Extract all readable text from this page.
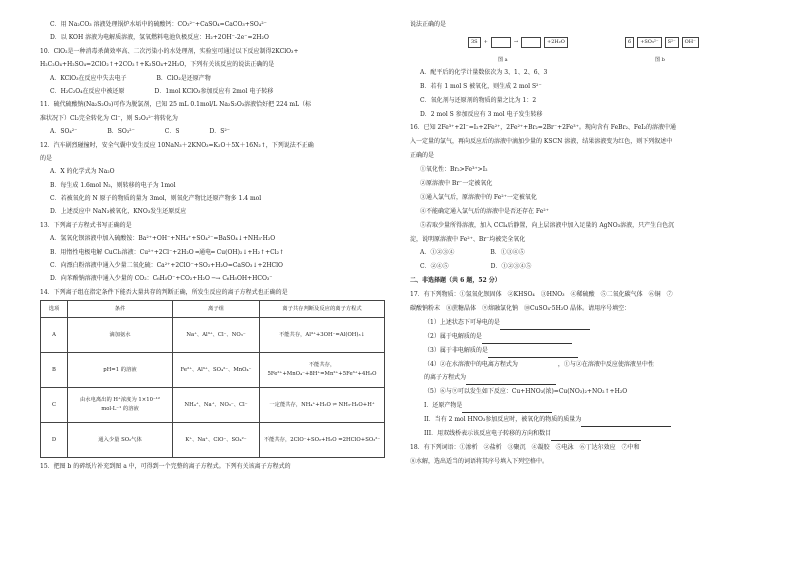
C．用 Na₂CO₃ 溶液处理锅炉水垢中的硫酸钙：CO₃²⁻+CaSO₄=CaCO₃+SO₄²⁻
D．以 KOH 溶液为电解质溶液，氢氧燃料电池负极反应：H₂+2OH⁻-2e⁻=2H₂O
10．ClO₂是一种消毒杀菌效率高、二次污染小的水处理剂，实验室可通过以下反应制得2KClO₃+
H₂C₂O₄+H₂SO₄=2ClO₂↑+2CO₂↑+K₂SO₄+2H₂O，下列有关该反应的说法正确的是
A．KClO₃在反应中失去电子　　　　　B．ClO₂是还原产物
C．H₂C₂O₄在反应中被还原　　　　　D．1mol KClO₃参加反应有 2mol 电子转移
11．硫代硫酸钠(Na₂S₂O₃)可作为脱氯剂，已知 25 mL 0.1mol/L Na₂S₂O₃溶液恰好把 224 mL（标
准状况下）Cl₂完全转化为 Cl⁻，则 S₂O₃²⁻将转化为
A．SO₄²⁻　　　　　B．SO₃²⁻　　　　　C．S　　　　　D．S²⁻
12．汽车剧烈碰撞时，安全气囊中发生反应 10NaN₃＋2KNO₃=K₂O＋5X＋16N₂↑，下列说法不正确
的是
A．X 的化学式为 Na₂O
B．每生成 1.6mol N₂，则转移的电子为 1mol
C．若被氧化的 N 原子的物质的量为 3mol，则氧化产物比还原产物多 1.4 mol
D．上述反应中 NaN₃被氧化，KNO₃发生还原反应
13．下列离子方程式书写正确的是
A．氢氧化钡溶液中加入硫酸铵：Ba²⁺+OH⁻+NH₄⁺+SO₄²⁻=BaSO₄↓+NH₃·H₂O
B．用惰性电极电解 CuCl₂溶液：Cu²⁺+2Cl⁻+2H₂O ═通电═ Cu(OH)₂↓+H₂↑+Cl₂↑
C．向漂白粉溶液中通入少量二氧化硫：Ca²⁺+2ClO⁻+SO₂+H₂O=CaSO₃↓+2HClO
D．向苯酚钠溶液中通入少量的 CO₂：C₆H₅O⁻+CO₂+H₂O ─→ C₆H₅OH+HCO₃⁻
14．下列离子组在指定条件下能否大量共存的判断正确，所发生反应的离子方程式也正确的是
选项	条件	离子组	离子共存判断及反应的离子方程式
A	滴加氨水	Na⁺、Al³⁺、Cl⁻、NO₃⁻	不能共存，Al³⁺+3OH⁻=Al(OH)₃↓
B	pH=1 的溶液	Fe²⁺、Al³⁺、SO₄²⁻、MnO₄⁻	不能共存，5Fe²⁺+MnO₄⁻+8H⁺=Mn²⁺+5Fe³⁺+4H₂O
C	由水电离出的 H⁺浓度为 1×10⁻¹² mol·L⁻¹ 的溶液	NH₄⁺、Na⁺、NO₃⁻、Cl⁻	一定能共存，NH₄⁺+H₂O ⇌ NH₃·H₂O+H⁺
D	通入少量 SO₂气体	K⁺、Na⁺、ClO⁻、SO₄²⁻	不能共存，2ClO⁻+SO₂+H₂O =2HClO+SO₃²⁻
15．把图 b 的碎纸片补充到图 a 中，可得到一个完整的离子方程式。下列有关该离子方程式的
说法正确的是
3S	+	→	+2H₂O
图 a
6	+SO₃²⁻	S²⁻	OH⁻
图 b
A．配平后的化学计量数依次为 3、1、2、6、3
B．若有 1 mol S 被氧化，则生成 2 mol S²⁻
C．氧化剂与还原剂的物质的量之比为 1：2
D．2 mol S 参加反应有 3 mol 电子发生转移
16．已知 2Fe³⁺+2I⁻=I₂+2Fe²⁺，2Fe²⁺+Br₂=2Br⁻+2Fe³⁺。现向含有 FeBr₂、FeI₂的溶液中通
入一定量的氯气，再向反应后的溶液中滴加少量的 KSCN 溶液，结果溶液变为红色，则下列叙述中
正确的是
①氧化性：Br₂>Fe³⁺>I₂
②原溶液中 Br⁻一定被氧化
③通入氯气后，原溶液中的 Fe²⁺一定被氧化
④不能确定通入氯气后的溶液中是否还存在 Fe²⁺
⑤若取少量所得溶液，加入 CCl₄后静置，向上层溶液中加入足量的 AgNO₃溶液，只产生白色沉
淀，说明原溶液中 Fe²⁺、Br⁻均被完全氧化
A．①②③④　　　　　　B．①③④⑤
C．②④⑤　　　　　　　D．①②③④⑤
二、非选择题（共 6 题，52 分）
17．有下列物质：①氢氧化钡固体　②KHSO₄　③HNO₃　④稀硫酸　⑤二氧化碳气体　⑥铜　⑦
碳酸钠粉末　⑧蔗糖晶体　⑨熔融氯化钠　⑩CuSO₄·5H₂O 晶体。请用序号填空：
（1）上述状态下可导电的是
（2）属于电解质的是
（3）属于非电解质的是
（4）②在水溶液中的电离方程式为	，①与②在溶液中反应使溶液呈中性
的离子方程式为
（5）⑥与⑨可以发生如下反应：Cu+HNO₃(浓)=Cu(NO₃)₂+NO₂↑+H₂O
I．还原产物是
II．当有 2 mol HNO₃参加反应时，被氧化的物质的质量为
III．用双线桥表示该反应电子转移的方向和数目
18．有下列词语：①渗析　②盐析　③聚沉　④凝胶　⑤电泳　⑥丁达尔效应　⑦中和
⑧水解，选出适当的词语将其序号填入下列空格中。
